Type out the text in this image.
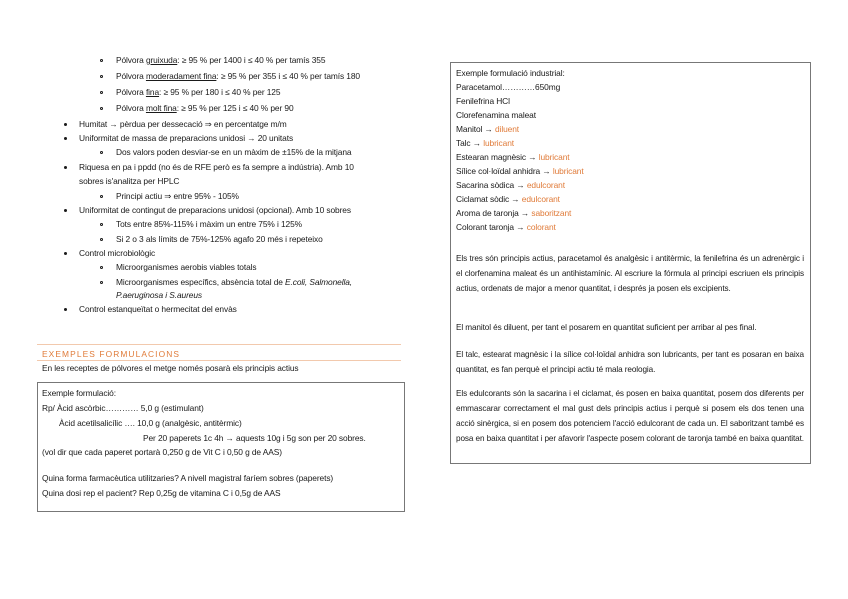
Pólvora gruixuda: ≥ 95 % per 1400 i ≤ 40 % per tamís 355
Pólvora moderadament fina: ≥ 95 % per 355 i ≤ 40 % per tamís 180
Pólvora fina: ≥ 95 % per 180 i ≤ 40 % per 125
Pólvora molt fina: ≥ 95 % per 125 i ≤ 40 % per 90
Humitat → pèrdua per dessecació ⇒ en percentatge m/m
Uniformitat de massa de preparacions unidosi → 20 unitats
Dos valors poden desviar-se en un màxim de ±15% de la mitjana
Riquesa en pa i ppdd (no és de RFE però es fa sempre a indústria). Amb 10
sobres is'analitza per HPLC
Principi actiu ⇒ entre 95% - 105%
Uniformitat de contingut de preparacions unidosi (opcional). Amb 10 sobres
Tots entre 85%-115% i màxim un entre 75% i 125%
Si 2 o 3 als límits de 75%-125% agafo 20 més i repeteixo
Control microbiològic
Microorganismes aerobis viables totals
Microorganismes específics, absència total de E.coli, Salmonella,
P.aeruginosa i S.aureus
Control estanqueïtat o hermecitat del envàs
EXEMPLES FORMULACIONS
En les receptes de pólvores el metge només posarà els principis actius
Exemple formulació:
Rp/ Àcid ascòrbic………… 5,0 g (estimulant)
Àcid acetilsalicílic …. 10,0 g (analgèsic, antitèrmic)
Per 20 paperets 1c 4h → aquests 10g i 5g son per 20 sobres.
(vol dir que cada paperet portarà 0,250 g de Vit C i 0,50 g de AAS)
Quina forma farmacèutica utilitzaries? A nivell magistral faríem sobres (paperets)
Quina dosi rep el pacient? Rep 0,25g de vitamina C i 0,5g de AAS
Exemple formulació industrial:
Paracetamol…………650mg
Fenilefrina HCl
Clorefenamina maleat
Manitol → diluent
Talc → lubricant
Estearan magnèsic → lubricant
Sílice col·loïdal anhidra → lubricant
Sacarina sòdica → edulcorant
Ciclamat sòdic → edulcorant
Aroma de taronja → saboritzant
Colorant taronja → colorant
Els tres són principis actius, paracetamol és analgèsic i antitèrmic, la fenilefrina és un adrenèrgic i el clorfenamina maleat és un antihistamínic. Al escriure la fórmula al principi escriuen els principis actius, ordenats de major a menor quantitat, i després ja posen els excipients.
El manitol és diluent, per tant el posarem en quantitat suficient per arribar al pes final.
El talc, estearat magnèsic i la sílice col·loïdal anhidra son lubricants, per tant es posaran en baixa quantitat, es fan perquè el principi actiu té mala reologia.
Els edulcorants són la sacarina i el ciclamat, és posen en baixa quantitat, posem dos diferents per emmascarar correctament el mal gust dels principis actius i perquè si posem els dos tenen una acció sinèrgica, si en posem dos potenciem l'acció edulcorant de cada un. El saboritzant també es posa en baixa quantitat i per afavorir l'aspecte posem colorant de taronja també en baixa quantitat.
